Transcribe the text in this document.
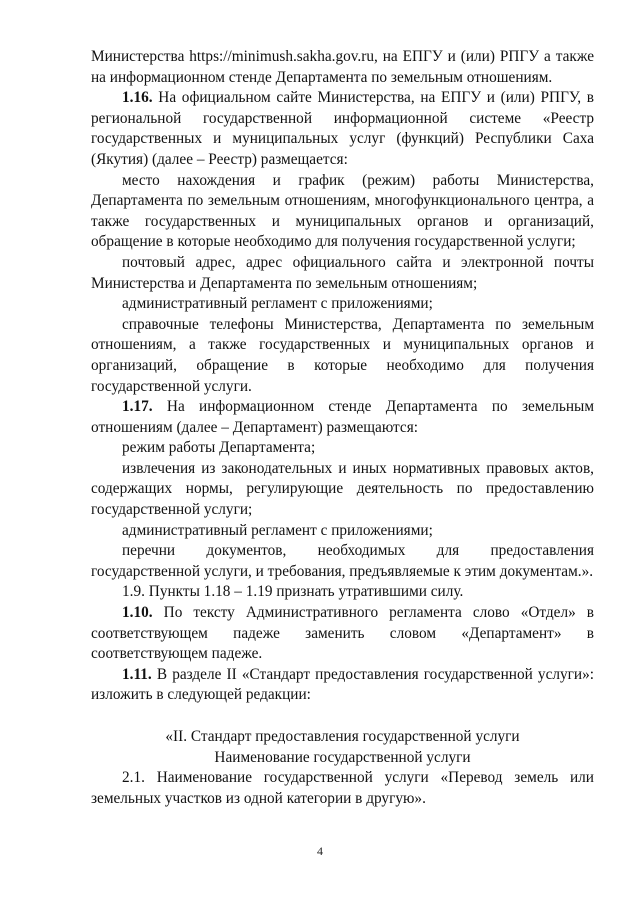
Министерства https://minimush.sakha.gov.ru, на ЕПГУ и (или) РПГУ а также на информационном стенде Департамента по земельным отношениям.

1.16. На официальном сайте Министерства, на ЕПГУ и (или) РПГУ, в региональной государственной информационной системе «Реестр государственных и муниципальных услуг (функций) Республики Саха (Якутия) (далее – Реестр) размещается:

место нахождения и график (режим) работы Министерства, Департамента по земельным отношениям, многофункционального центра, а также государственных и муниципальных органов и организаций, обращение в которые необходимо для получения государственной услуги;

почтовый адрес, адрес официального сайта и электронной почты Министерства и Департамента по земельным отношениям;

административный регламент с приложениями;

справочные телефоны Министерства, Департамента по земельным отношениям, а также государственных и муниципальных органов и организаций, обращение в которые необходимо для получения государственной услуги.

1.17. На информационном стенде Департамента по земельным отношениям (далее – Департамент) размещаются:

режим работы Департамента;

извлечения из законодательных и иных нормативных правовых актов, содержащих нормы, регулирующие деятельность по предоставлению государственной услуги;

административный регламент с приложениями;

перечни документов, необходимых для предоставления государственной услуги, и требования, предъявляемые к этим документам.».

1.9. Пункты 1.18 – 1.19 признать утратившими силу.

1.10. По тексту Административного регламента слово «Отдел» в соответствующем падеже заменить словом «Департамент» в соответствующем падеже.

1.11. В разделе II «Стандарт предоставления государственной услуги»: изложить в следующей редакции:

«II. Стандарт предоставления государственной услуги

Наименование государственной услуги

2.1. Наименование государственной услуги «Перевод земель или земельных участков из одной категории в другую».

4
